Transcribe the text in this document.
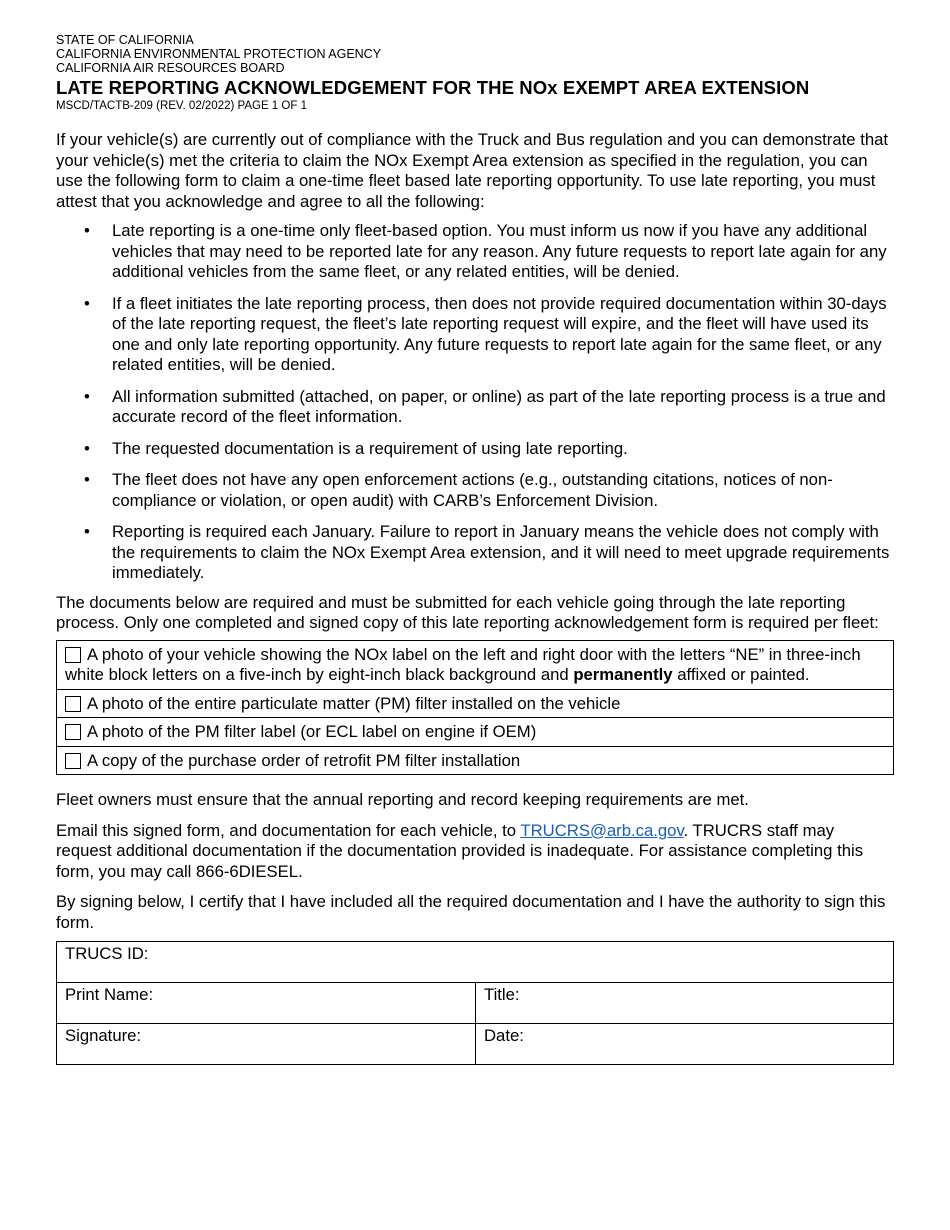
STATE OF CALIFORNIA

CALIFORNIA ENVIRONMENTAL PROTECTION AGENCY

CALIFORNIA AIR RESOURCES BOARD

LATE REPORTING ACKNOWLEDGEMENT FOR THE NOx EXEMPT AREA EXTENSION

MSCD/TACTB-209 (REV. 02/2022) PAGE 1 OF 1

If your vehicle(s) are currently out of compliance with the Truck and Bus regulation and you can demonstrate that your vehicle(s) met the criteria to claim the NOx Exempt Area extension as specified in the regulation, you can use the following form to claim a one-time fleet based late reporting opportunity. To use late reporting, you must attest that you acknowledge and agree to all the following:

• Late reporting is a one-time only fleet-based option. You must inform us now if you have any additional vehicles that may need to be reported late for any reason. Any future requests to report late again for any additional vehicles from the same fleet, or any related entities, will be denied.
• If a fleet initiates the late reporting process, then does not provide required documentation within 30-days of the late reporting request, the fleet’s late reporting request will expire, and the fleet will have used its one and only late reporting opportunity. Any future requests to report late again for the same fleet, or any related entities, will be denied.
• All information submitted (attached, on paper, or online) as part of the late reporting process is a true and accurate record of the fleet information.
• The requested documentation is a requirement of using late reporting.
• The fleet does not have any open enforcement actions (e.g., outstanding citations, notices of non-compliance or violation, or open audit) with CARB’s Enforcement Division.
• Reporting is required each January. Failure to report in January means the vehicle does not comply with the requirements to claim the NOx Exempt Area extension, and it will need to meet upgrade requirements immediately.

The documents below are required and must be submitted for each vehicle going through the late reporting process. Only one completed and signed copy of this late reporting acknowledgement form is required per fleet:

A photo of your vehicle showing the NOx label on the left and right door with the letters “NE” in three-inch white block letters on a five-inch by eight-inch black background and permanently affixed or painted.
A photo of the entire particulate matter (PM) filter installed on the vehicle
A photo of the PM filter label (or ECL label on engine if OEM)
A copy of the purchase order of retrofit PM filter installation

Fleet owners must ensure that the annual reporting and record keeping requirements are met.

Email this signed form, and documentation for each vehicle, to TRUCRS@arb.ca.gov. TRUCRS staff may request additional documentation if the documentation provided is inadequate. For assistance completing this form, you may call 866-6DIESEL.

By signing below, I certify that I have included all the required documentation and I have the authority to sign this form.

TRUCS ID:	
Print Name:	Title:
Signature:	Date:
